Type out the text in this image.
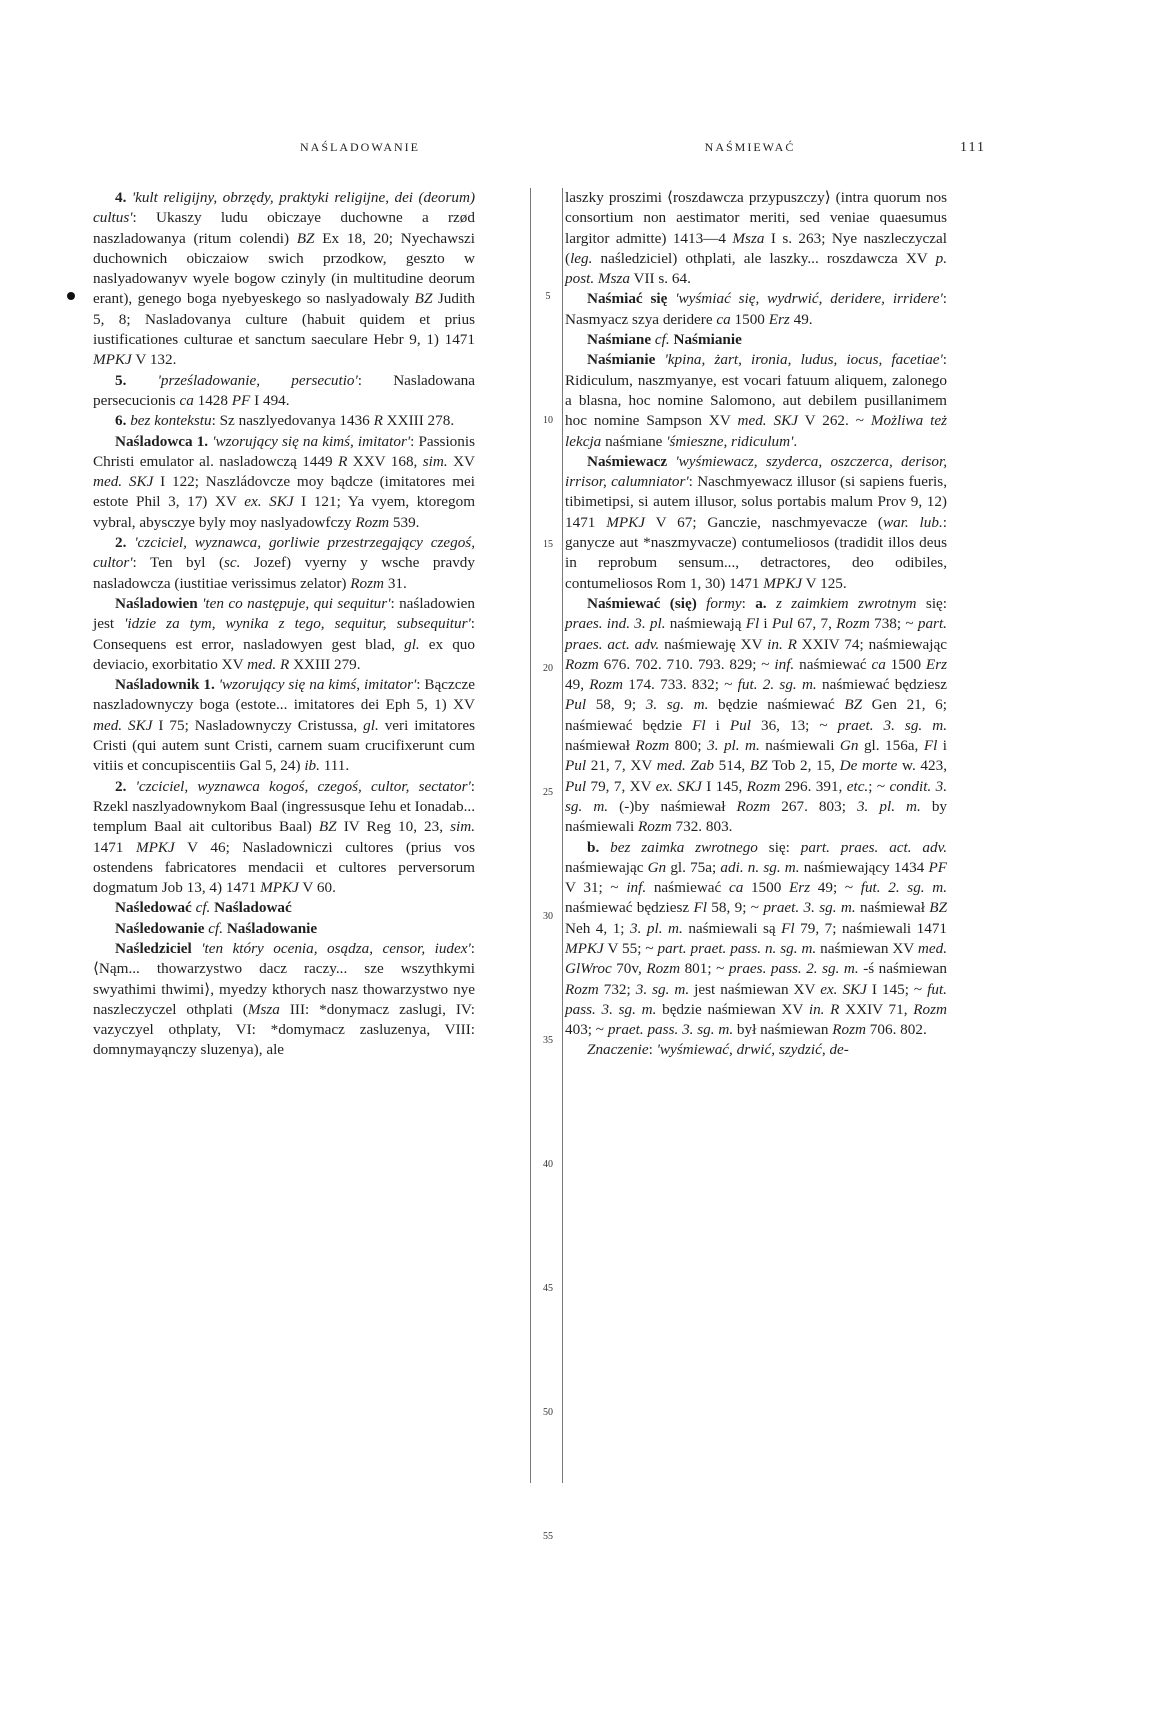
NAŚLADOWANIE	NAŚMIEWAĆ	111
5
10
15
20
25
30
35
40
45
50
55

4. 'kult religijny, obrzędy, praktyki religijne, dei (deorum) cultus': Ukaszy ludu obiczaye duchowne a rzød naszladowanya (ritum colendi) BZ Ex 18, 20; Nyechawszi duchownich obiczaiow swich przodkow, geszto w naslyadowanyv wyele bogow czinyly (in multitudine deorum erant), genego boga nyebyeskego so naslyadowaly BZ Judith 5, 8; Nasladovanya culture (habuit quidem et prius iustificationes culturae et sanctum saeculare Hebr 9, 1) 1471 MPKJ V 132.

5. 'prześladowanie, persecutio': Nasladowana persecucionis ca 1428 PF I 494.

6. bez kontekstu: Sz naszlyedovanya 1436 R XXIII 278.

Naśladowca 1. 'wzorujący się na kimś, imitator': Passionis Christi emulator al. nasladowczą 1449 R XXV 168, sim. XV med. SKJ I 122; Naszládovcze moy bądcze (imitatores mei estote Phil 3, 17) XV ex. SKJ I 121; Ya vyem, ktoregom vybral, abysczye byly moy naslyadowfczy Rozm 539.

2. 'czciciel, wyznawca, gorliwie przestrzegający czegoś, cultor': Ten byl (sc. Jozef) vyerny y wsche pravdy nasladowcza (iustitiae verissimus zelator) Rozm 31.

Naśladowien 'ten co następuje, qui sequitur': naśladowien jest 'idzie za tym, wynika z tego, sequitur, subsequitur': Consequens est error, nasladowyen gest blad, gl. ex quo deviacio, exorbitatio XV med. R XXIII 279.

Naśladownik 1. 'wzorujący się na kimś, imitator': Bączcze naszladownyczy boga (estote... imitatores dei Eph 5, 1) XV med. SKJ I 75; Nasladownyczy Cristussa, gl. veri imitatores Cristi (qui autem sunt Cristi, carnem suam crucifixerunt cum vitiis et concupiscentiis Gal 5, 24) ib. 111.

2. 'czciciel, wyznawca kogoś, czegoś, cultor, sectator': Rzekl naszlyadownykom Baal (ingressusque Iehu et Ionadab... templum Baal ait cultoribus Baal) BZ IV Reg 10, 23, sim. 1471 MPKJ V 46; Nasladowniczi cultores (prius vos ostendens fabricatores mendacii et cultores perversorum dogmatum Job 13, 4) 1471 MPKJ V 60.

Naśledować cf. Naśladować

Naśledowanie cf. Naśladowanie

Naśledziciel 'ten który ocenia, osądza, censor, iudex': ⟨Nąm... thowarzystwo dacz raczy... sze wszythkymi swyathimi thwimi⟩, myedzy kthorych nasz thowarzystwo nye naszleczyczel othplati (Msza III: *donymacz zaslugi, IV: vazyczyel othplaty, VI: *domymacz zasluzenya, VIII: domnymayąnczy sluzenya), ale

laszky proszimi ⟨roszdawcza przypuszczy⟩ (intra quorum nos consortium non aestimator meriti, sed veniae quaesumus largitor admitte) 1413—4 Msza I s. 263; Nye naszleczyczal (leg. naśledziciel) othplati, ale laszky... roszdawcza XV p. post. Msza VII s. 64.

Naśmiać się 'wyśmiać się, wydrwić, deridere, irridere': Nasmyacz szya deridere ca 1500 Erz 49.

Naśmiane cf. Naśmianie

Naśmianie 'kpina, żart, ironia, ludus, iocus, facetiae': Ridiculum, naszmyanye, est vocari fatuum aliquem, zalonego a blasna, hoc nomine Salomono, aut debilem pusillanimem hoc nomine Sampson XV med. SKJ V 262. ~ Możliwa też lekcja naśmiane 'śmieszne, ridiculum'.

Naśmiewacz 'wyśmiewacz, szyderca, oszczerca, derisor, irrisor, calumniator': Naschmyewacz illusor (si sapiens fueris, tibimetipsi, si autem illusor, solus portabis malum Prov 9, 12) 1471 MPKJ V 67; Ganczie, naschmyevacze (war. lub.: ganycze aut *naszmyvacze) contumeliosos (tradidit illos deus in reprobum sensum..., detractores, deo odibiles, contumeliosos Rom 1, 30) 1471 MPKJ V 125.

Naśmiewać (się) formy: a. z zaimkiem zwrotnym się: praes. ind. 3. pl. naśmiewają Fl i Pul 67, 7, Rozm 738; ~ part. praes. act. adv. naśmiewaję XV in. R XXIV 74; naśmiewając Rozm 676. 702. 710. 793. 829; ~ inf. naśmiewać ca 1500 Erz 49, Rozm 174. 733. 832; ~ fut. 2. sg. m. naśmiewać będziesz Pul 58, 9; 3. sg. m. będzie naśmiewać BZ Gen 21, 6; naśmiewać będzie Fl i Pul 36, 13; ~ praet. 3. sg. m. naśmiewał Rozm 800; 3. pl. m. naśmiewali Gn gl. 156a, Fl i Pul 21, 7, XV med. Zab 514, BZ Tob 2, 15, De morte w. 423, Pul 79, 7, XV ex. SKJ I 145, Rozm 296. 391, etc.; ~ condit. 3. sg. m. (-)by naśmiewał Rozm 267. 803; 3. pl. m. by naśmiewali Rozm 732. 803.

b. bez zaimka zwrotnego się: part. praes. act. adv. naśmiewając Gn gl. 75a; adi. n. sg. m. naśmiewający 1434 PF V 31; ~ inf. naśmiewać ca 1500 Erz 49; ~ fut. 2. sg. m. naśmiewać będziesz Fl 58, 9; ~ praet. 3. sg. m. naśmiewał BZ Neh 4, 1; 3. pl. m. naśmiewali są Fl 79, 7; naśmiewali 1471 MPKJ V 55; ~ part. praet. pass. n. sg. m. naśmiewan XV med. GlWroc 70v, Rozm 801; ~ praes. pass. 2. sg. m. -ś naśmiewan Rozm 732; 3. sg. m. jest naśmiewan XV ex. SKJ I 145; ~ fut. pass. 3. sg. m. będzie naśmiewan XV in. R XXIV 71, Rozm 403; ~ praet. pass. 3. sg. m. był naśmiewan Rozm 706. 802.

Znaczenie: 'wyśmiewać, drwić, szydzić, de-
